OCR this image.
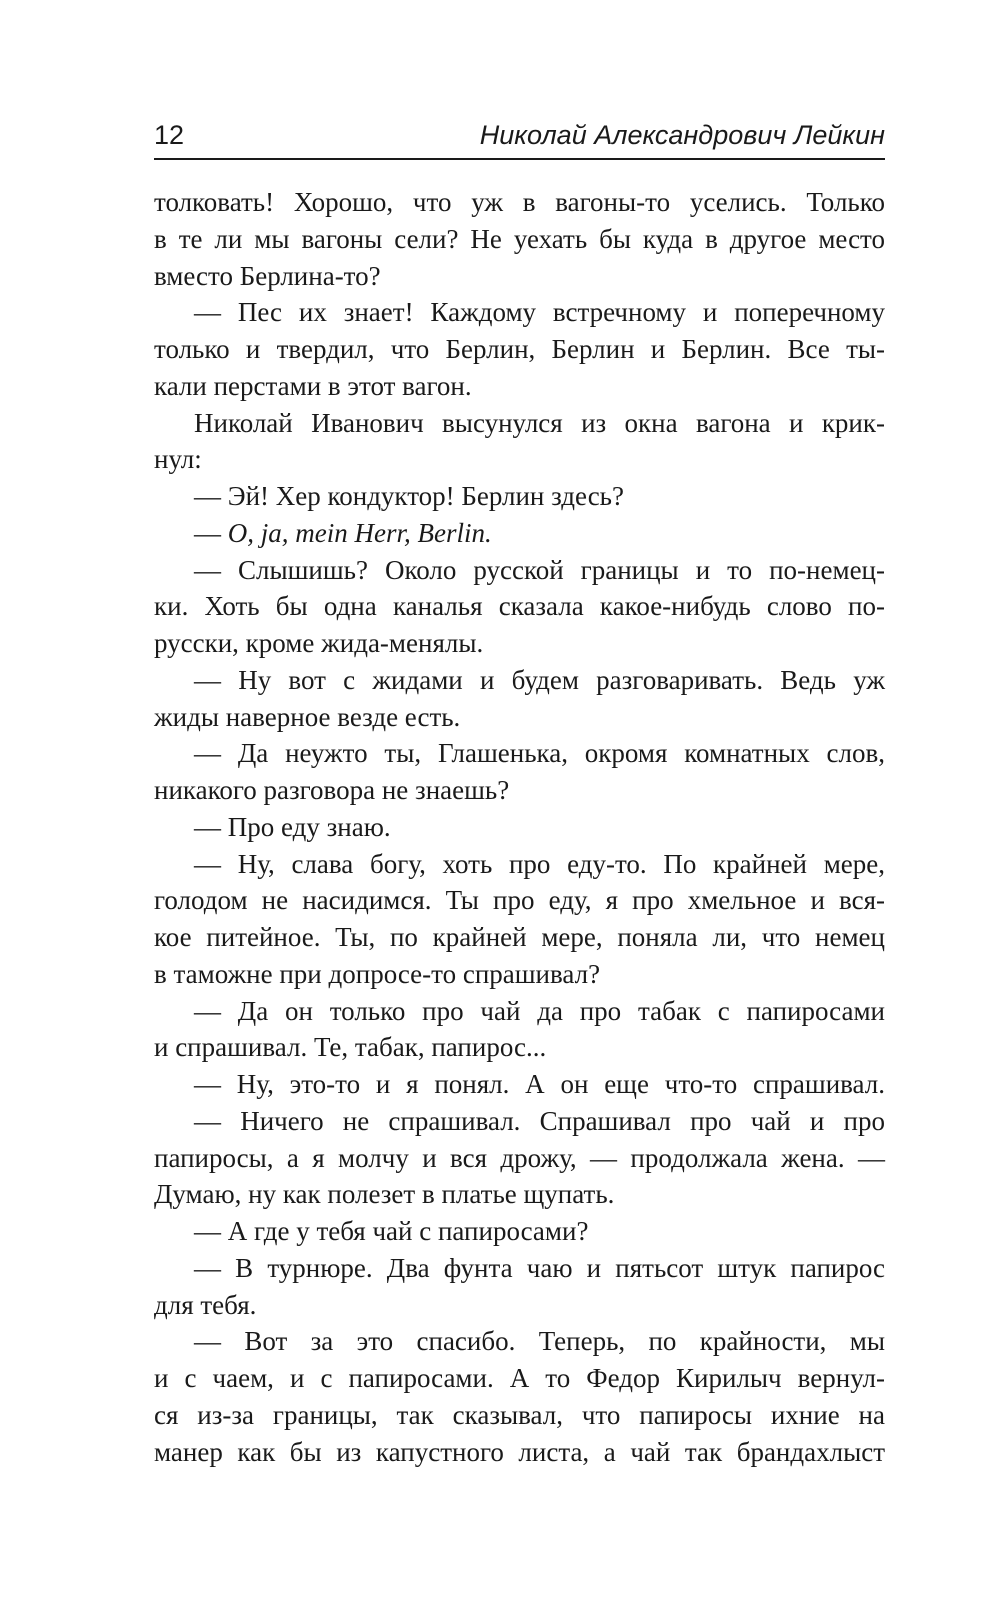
12	Николай Александрович Лейкин
толковать! Хорошо, что уж в вагоны-то уселись. Только
в те ли мы вагоны сели? Не уехать бы куда в другое место
вместо Берлина-то?
— Пес их знает! Каждому встречному и поперечному
только и твердил, что Берлин, Берлин и Берлин. Все ты-
кали перстами в этот вагон.
Николай Иванович высунулся из окна вагона и крик-
нул:
— Эй! Хер кондуктор! Берлин здесь?
— O, ja, mein Herr, Berlin.
— Слышишь? Около русской границы и то по-немец-
ки. Хоть бы одна каналья сказала какое-нибудь слово по-
русски, кроме жида-менялы.
— Ну вот с жидами и будем разговаривать. Ведь уж
жиды наверное везде есть.
— Да неужто ты, Глашенька, окромя комнатных слов,
никакого разговора не знаешь?
— Про еду знаю.
— Ну, слава богу, хоть про еду-то. По крайней мере,
голодом не насидимся. Ты про еду, я про хмельное и вся-
кое питейное. Ты, по крайней мере, поняла ли, что немец
в таможне при допросе-то спрашивал?
— Да он только про чай да про табак с папиросами
и спрашивал. Те, табак, папирос...
— Ну, это-то и я понял. А он еще что-то спрашивал.
— Ничего не спрашивал. Спрашивал про чай и про
папиросы, а я молчу и вся дрожу, — продолжала жена. —
Думаю, ну как полезет в платье щупать.
— А где у тебя чай с папиросами?
— В турнюре. Два фунта чаю и пятьсот штук папирос
для тебя.
— Вот за это спасибо. Теперь, по крайности, мы
и с чаем, и с папиросами. А то Федор Кирилыч вернул-
ся из-за границы, так сказывал, что папиросы ихние на
манер как бы из капустного листа, а чай так брандахлыст
